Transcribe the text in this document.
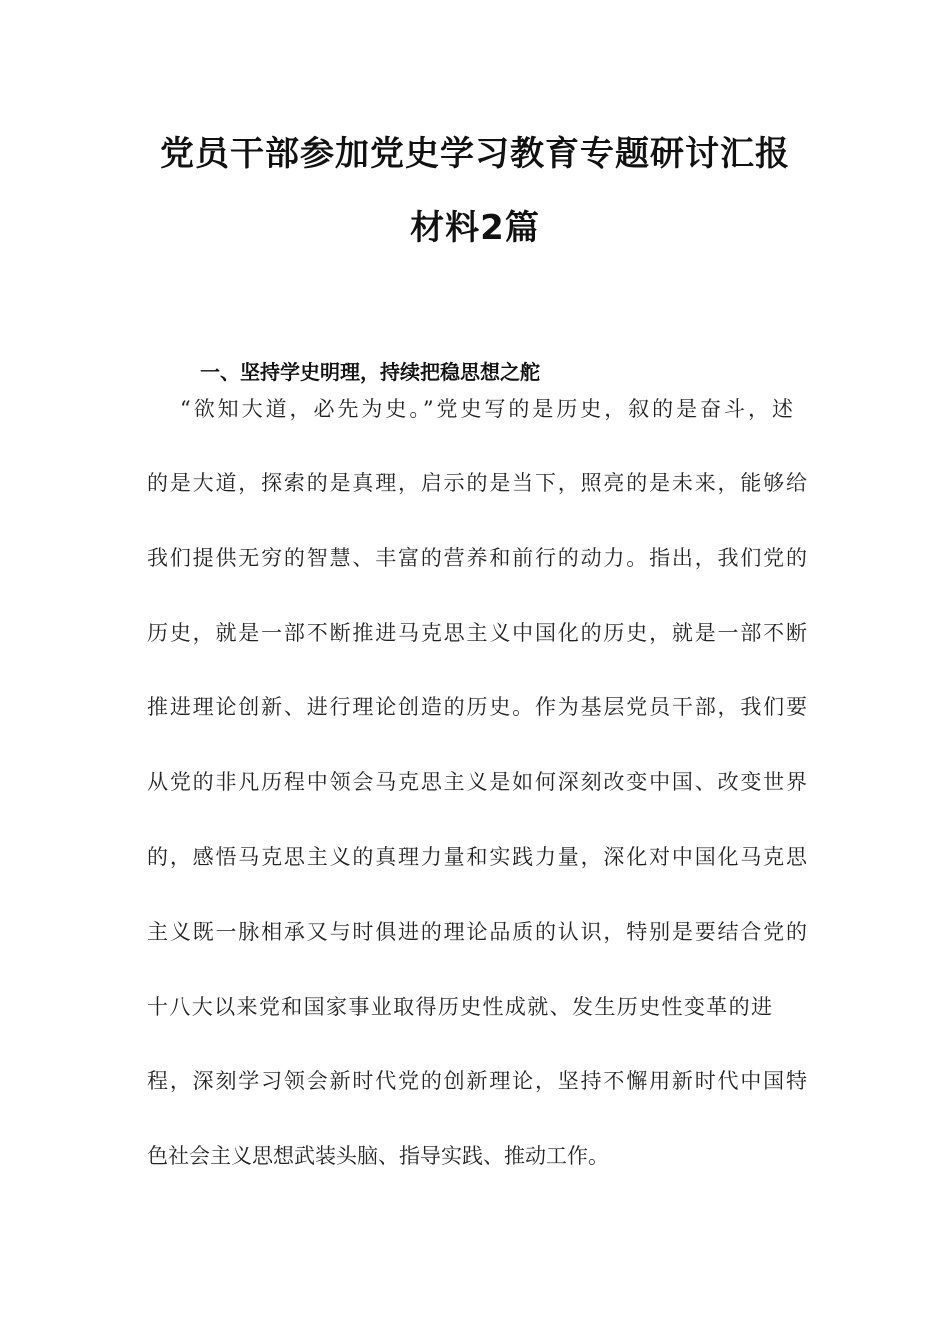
党员干部参加党史学习教育专题研讨汇报
材料2篇
一、坚持学史明理，持续把稳思想之舵
“欲知大道，必先为史。”党史写的是历史，叙的是奋斗，述
的是大道，探索的是真理，启示的是当下，照亮的是未来，能够给
我们提供无穷的智慧、丰富的营养和前行的动力。指出，我们党的
历史，就是一部不断推进马克思主义中国化的历史，就是一部不断
推进理论创新、进行理论创造的历史。作为基层党员干部，我们要
从党的非凡历程中领会马克思主义是如何深刻改变中国、改变世界
的，感悟马克思主义的真理力量和实践力量，深化对中国化马克思
主义既一脉相承又与时俱进的理论品质的认识，特别是要结合党的
十八大以来党和国家事业取得历史性成就、发生历史性变革的进
程，深刻学习领会新时代党的创新理论，坚持不懈用新时代中国特
色社会主义思想武装头脑、指导实践、推动工作。
